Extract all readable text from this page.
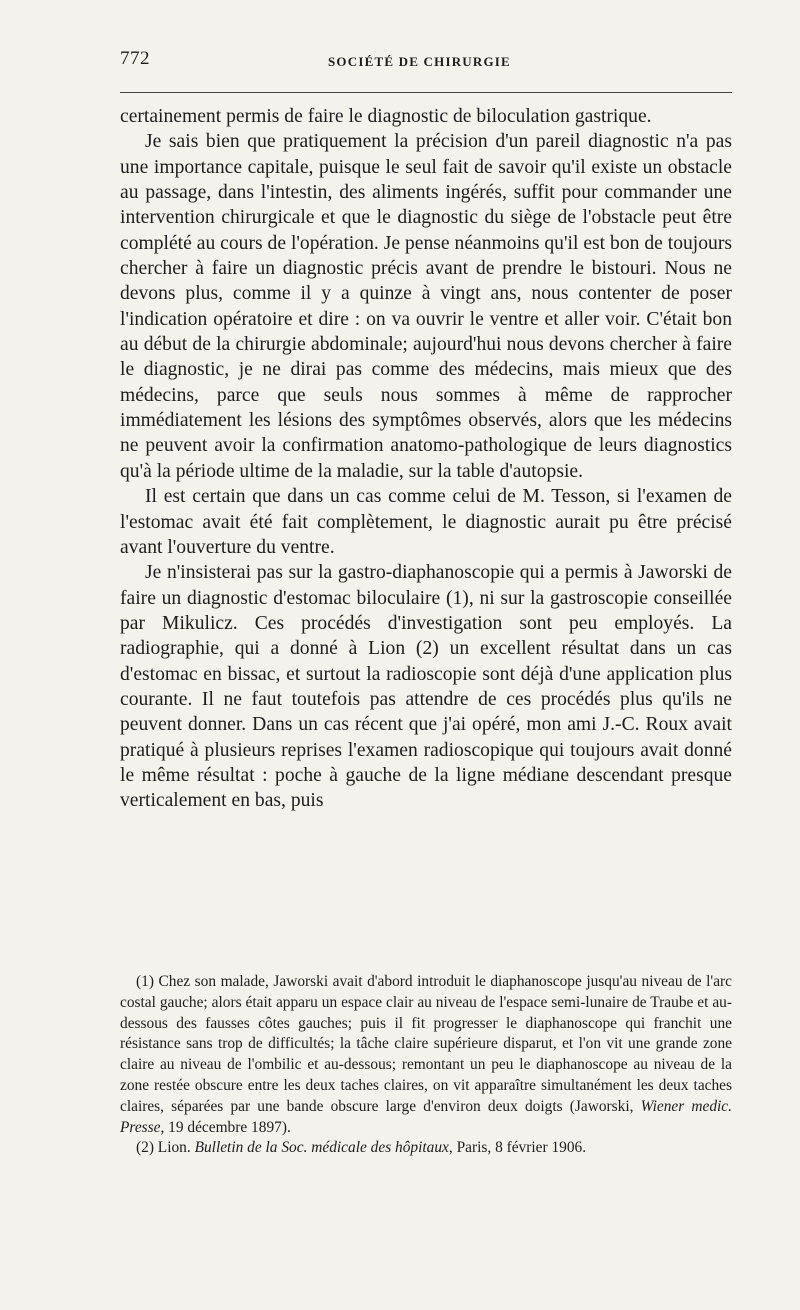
772	SOCIÉTÉ DE CHIRURGIE

certainement permis de faire le diagnostic de biloculation gastrique.

Je sais bien que pratiquement la précision d'un pareil diagnostic n'a pas une importance capitale, puisque le seul fait de savoir qu'il existe un obstacle au passage, dans l'intestin, des aliments ingérés, suffit pour commander une intervention chirurgicale et que le diagnostic du siège de l'obstacle peut être complété au cours de l'opération. Je pense néanmoins qu'il est bon de toujours chercher à faire un diagnostic précis avant de prendre le bistouri. Nous ne devons plus, comme il y a quinze à vingt ans, nous contenter de poser l'indication opératoire et dire : on va ouvrir le ventre et aller voir. C'était bon au début de la chirurgie abdominale; aujourd'hui nous devons chercher à faire le diagnostic, je ne dirai pas comme des médecins, mais mieux que des médecins, parce que seuls nous sommes à même de rapprocher immédiatement les lésions des symptômes observés, alors que les médecins ne peuvent avoir la confirmation anatomo-pathologique de leurs diagnostics qu'à la période ultime de la maladie, sur la table d'autopsie.

Il est certain que dans un cas comme celui de M. Tesson, si l'examen de l'estomac avait été fait complètement, le diagnostic aurait pu être précisé avant l'ouverture du ventre.

Je n'insisterai pas sur la gastro-diaphanoscopie qui a permis à Jaworski de faire un diagnostic d'estomac biloculaire (1), ni sur la gastroscopie conseillée par Mikulicz. Ces procédés d'investigation sont peu employés. La radiographie, qui a donné à Lion (2) un excellent résultat dans un cas d'estomac en bissac, et surtout la radioscopie sont déjà d'une application plus courante. Il ne faut toutefois pas attendre de ces procédés plus qu'ils ne peuvent donner. Dans un cas récent que j'ai opéré, mon ami J.-C. Roux avait pratiqué à plusieurs reprises l'examen radioscopique qui toujours avait donné le même résultat : poche à gauche de la ligne médiane descendant presque verticalement en bas, puis

(1) Chez son malade, Jaworski avait d'abord introduit le diaphanoscope jusqu'au niveau de l'arc costal gauche; alors était apparu un espace clair au niveau de l'espace semi-lunaire de Traube et au-dessous des fausses côtes gauches; puis il fit progresser le diaphanoscope qui franchit une résistance sans trop de difficultés; la tâche claire supérieure disparut, et l'on vit une grande zone claire au niveau de l'ombilic et au-dessous; remontant un peu le diaphanoscope au niveau de la zone restée obscure entre les deux taches claires, on vit apparaître simultanément les deux taches claires, séparées par une bande obscure large d'environ deux doigts (Jaworski, Wiener medic. Presse, 19 décembre 1897).

(2) Lion. Bulletin de la Soc. médicale des hôpitaux, Paris, 8 février 1906.
